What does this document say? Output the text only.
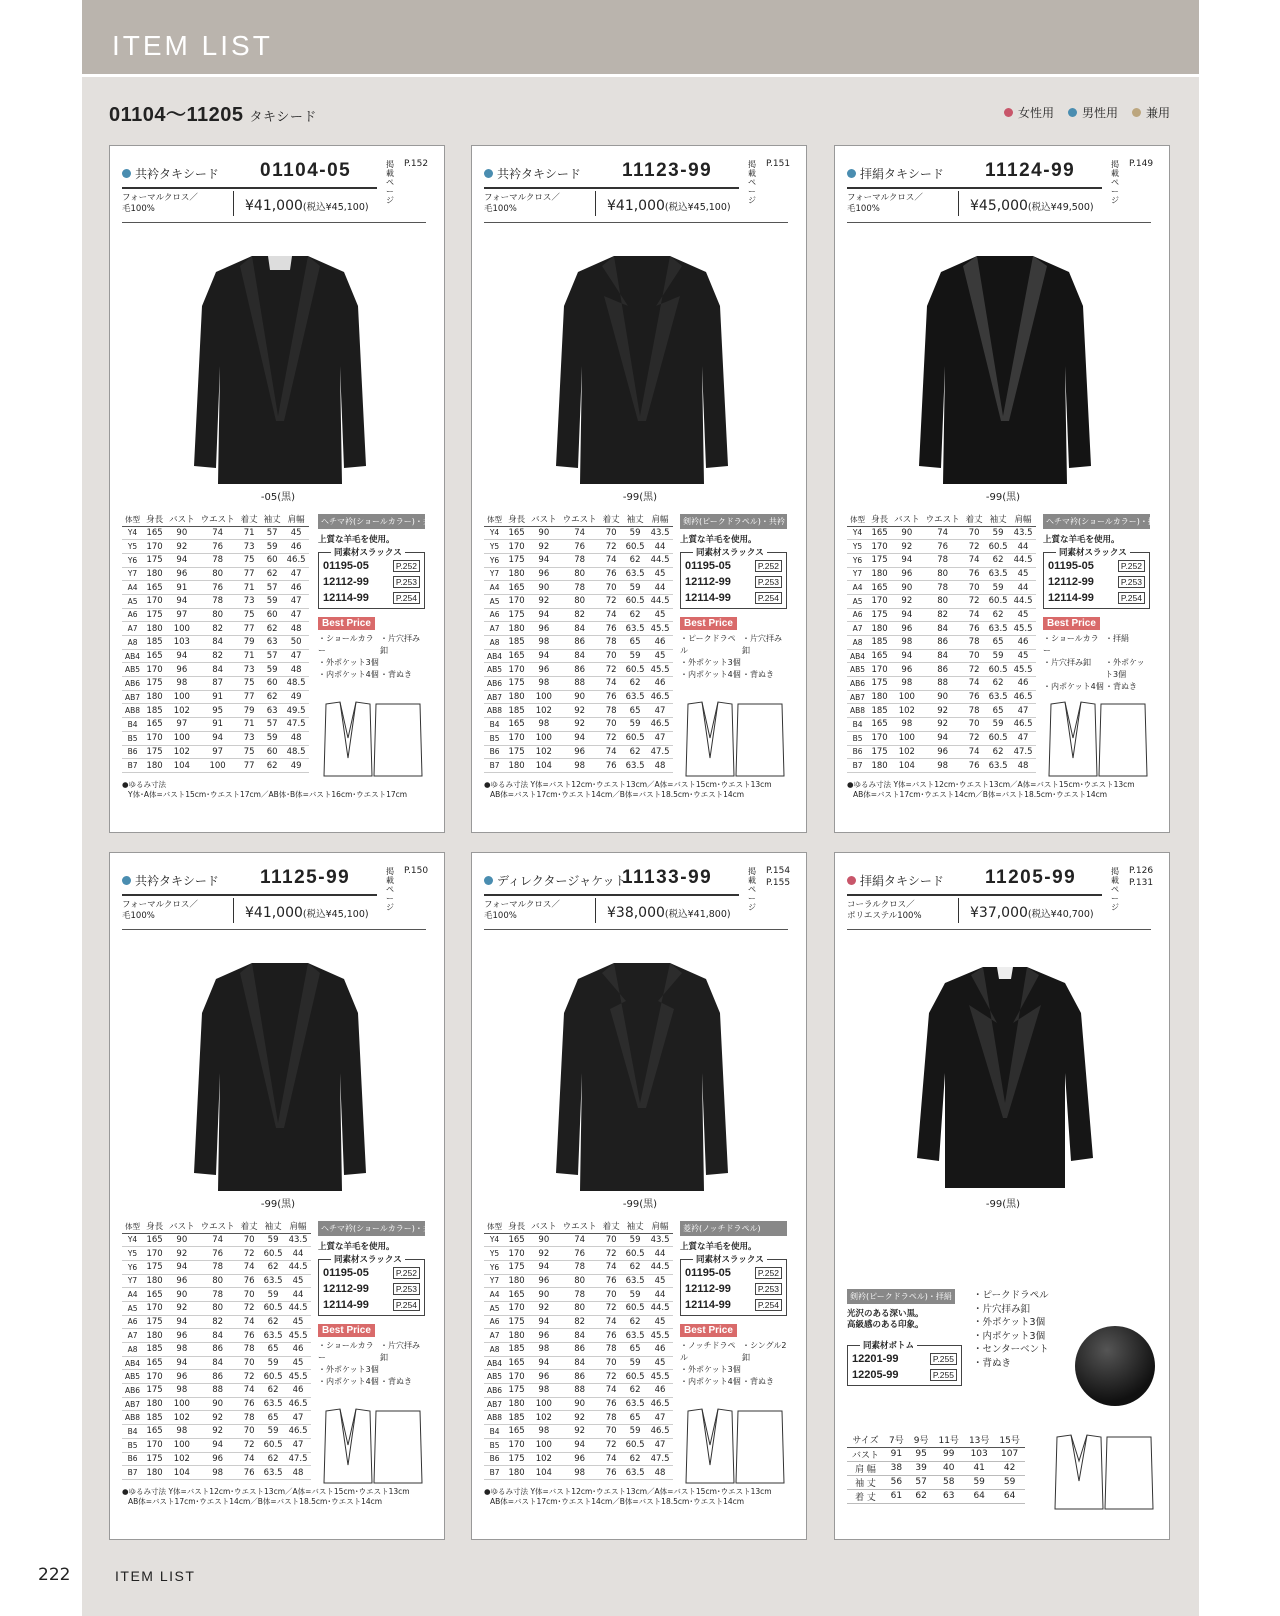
ITEM LIST
01104～11205 タキシード	女性用	男性用	兼用
共衿タキシード 01104-05
フォーマルクロス／
毛100%	¥41,000(税込¥45,100)
掲載ページ
P.152
-05(黒)
体型	身長	バスト	ウエスト	着丈	袖丈	肩幅
Y4	165	90	74	71	57	45
Y5	170	92	76	73	59	46
Y6	175	94	78	75	60	46.5
Y7	180	96	80	77	62	47
A4	165	91	76	71	57	46
A5	170	94	78	73	59	47
A6	175	97	80	75	60	47
A7	180	100	82	77	62	48
A8	185	103	84	79	63	50
AB4	165	94	82	71	57	47
AB5	170	96	84	73	59	48
AB6	175	98	87	75	60	48.5
AB7	180	100	91	77	62	49
AB8	185	102	95	79	63	49.5
B4	165	97	91	71	57	47.5
B5	170	100	94	73	59	48
B6	175	102	97	75	60	48.5
B7	180	104	100	77	62	49
ヘチマ衿(ショールカラー)・共衿
上質な羊毛を使用。
同素材スラックス
01195-05	P.252
12112-99	P.253
12114-99	P.254
Best Price
・ショールカラー
・片穴拝み釦
・外ポケット3個
・内ポケット4個 ・背ぬき
●ゆるみ寸法
Y体･A体=バスト15cm･ウエスト17cm／AB体･B体=バスト16cm･ウエスト17cm
共衿タキシード 11123-99
フォーマルクロス／
毛100%	¥41,000(税込¥45,100)
掲載ページ
P.151
-99(黒)
体型	身長	バスト	ウエスト	着丈	袖丈	肩幅
Y4	165	90	74	70	59	43.5
Y5	170	92	76	72	60.5	44
Y6	175	94	78	74	62	44.5
Y7	180	96	80	76	63.5	45
A4	165	90	78	70	59	44
A5	170	92	80	72	60.5	44.5
A6	175	94	82	74	62	45
A7	180	96	84	76	63.5	45.5
A8	185	98	86	78	65	46
AB4	165	94	84	70	59	45
AB5	170	96	86	72	60.5	45.5
AB6	175	98	88	74	62	46
AB7	180	100	90	76	63.5	46.5
AB8	185	102	92	78	65	47
B4	165	98	92	70	59	46.5
B5	170	100	94	72	60.5	47
B6	175	102	96	74	62	47.5
B7	180	104	98	76	63.5	48
剣衿(ピークドラペル)・共衿
上質な羊毛を使用。
同素材スラックス
01195-05	P.252
12112-99	P.253
12114-99	P.254
Best Price
・ピークドラペル
・片穴拝み釦
・外ポケット3個
・内ポケット4個 ・背ぬき
●ゆるみ寸法 Y体=バスト12cm･ウエスト13cm／A体=バスト15cm･ウエスト13cm
AB体=バスト17cm･ウエスト14cm／B体=バスト18.5cm･ウエスト14cm
拝絹タキシード 11124-99
フォーマルクロス／
毛100%	¥45,000(税込¥49,500)
掲載ページ
P.149
-99(黒)
体型	身長	バスト	ウエスト	着丈	袖丈	肩幅
Y4	165	90	74	70	59	43.5
Y5	170	92	76	72	60.5	44
Y6	175	94	78	74	62	44.5
Y7	180	96	80	76	63.5	45
A4	165	90	78	70	59	44
A5	170	92	80	72	60.5	44.5
A6	175	94	82	74	62	45
A7	180	96	84	76	63.5	45.5
A8	185	98	86	78	65	46
AB4	165	94	84	70	59	45
AB5	170	96	86	72	60.5	45.5
AB6	175	98	88	74	62	46
AB7	180	100	90	76	63.5	46.5
AB8	185	102	92	78	65	47
B4	165	98	92	70	59	46.5
B5	170	100	94	72	60.5	47
B6	175	102	96	74	62	47.5
B7	180	104	98	76	63.5	48
ヘチマ衿(ショールカラー)・拝絹
上質な羊毛を使用。
同素材スラックス
01195-05	P.252
12112-99	P.253
12114-99	P.254
Best Price
・ショールカラー
・拝絹
・片穴拝み釦	・外ポケット3個
・内ポケット4個 ・背ぬき
●ゆるみ寸法 Y体=バスト12cm･ウエスト13cm／A体=バスト15cm･ウエスト13cm
AB体=バスト17cm･ウエスト14cm／B体=バスト18.5cm･ウエスト14cm
共衿タキシード 11125-99
フォーマルクロス／
毛100%	¥41,000(税込¥45,100)
掲載ページ
P.150
-99(黒)
体型	身長	バスト	ウエスト	着丈	袖丈	肩幅
Y4	165	90	74	70	59	43.5
Y5	170	92	76	72	60.5	44
Y6	175	94	78	74	62	44.5
Y7	180	96	80	76	63.5	45
A4	165	90	78	70	59	44
A5	170	92	80	72	60.5	44.5
A6	175	94	82	74	62	45
A7	180	96	84	76	63.5	45.5
A8	185	98	86	78	65	46
AB4	165	94	84	70	59	45
AB5	170	96	86	72	60.5	45.5
AB6	175	98	88	74	62	46
AB7	180	100	90	76	63.5	46.5
AB8	185	102	92	78	65	47
B4	165	98	92	70	59	46.5
B5	170	100	94	72	60.5	47
B6	175	102	96	74	62	47.5
B7	180	104	98	76	63.5	48
ヘチマ衿(ショールカラー)・共衿
上質な羊毛を使用。
同素材スラックス
01195-05	P.252
12112-99	P.253
12114-99	P.254
Best Price
・ショールカラー
・片穴拝み釦
・外ポケット3個
・内ポケット4個 ・背ぬき
●ゆるみ寸法 Y体=バスト12cm･ウエスト13cm／A体=バスト15cm･ウエスト13cm
AB体=バスト17cm･ウエスト14cm／B体=バスト18.5cm･ウエスト14cm
ディレクタージャケット
11133-99
フォーマルクロス／
毛100%	¥38,000(税込¥41,800)
掲載ページ
P.154 P.155
-99(黒)
体型	身長	バスト	ウエスト	着丈	袖丈	肩幅
Y4	165	90	74	70	59	43.5
Y5	170	92	76	72	60.5	44
Y6	175	94	78	74	62	44.5
Y7	180	96	80	76	63.5	45
A4	165	90	78	70	59	44
A5	170	92	80	72	60.5	44.5
A6	175	94	82	74	62	45
A7	180	96	84	76	63.5	45.5
A8	185	98	86	78	65	46
AB4	165	94	84	70	59	45
AB5	170	96	86	72	60.5	45.5
AB6	175	98	88	74	62	46
AB7	180	100	90	76	63.5	46.5
AB8	185	102	92	78	65	47
B4	165	98	92	70	59	46.5
B5	170	100	94	72	60.5	47
B6	175	102	96	74	62	47.5
B7	180	104	98	76	63.5	48
菱衿(ノッチドラペル)
上質な羊毛を使用。
同素材スラックス
01195-05	P.252
12112-99	P.253
12114-99	P.254
Best Price
・ノッチドラペル
・シングル2釦
・外ポケット3個
・内ポケット4個 ・背ぬき
●ゆるみ寸法 Y体=バスト12cm･ウエスト13cm／A体=バスト15cm･ウエスト13cm
AB体=バスト17cm･ウエスト14cm／B体=バスト18.5cm･ウエスト14cm
拝絹タキシード 11205-99
コーラルクロス／
ポリエステル100%	¥37,000(税込¥40,700)
掲載ページ
P.126 P.131
-99(黒)
剣衿(ピークドラペル)・拝絹
光沢のある深い黒。
高級感のある印象。
同素材ボトム
12201-99	P.255
12205-99	P.255
・ピークドラペル
・片穴拝み釦
・外ポケット3個
・内ポケット3個
・センターベント
・背ぬき
サイズ	7号	9号	11号	13号	15号
バスト	91	95	99	103	107
肩 幅	38	39	40	41	42
袖 丈	56	57	58	59	59
着 丈	61	62	63	64	64
222	ITEM LIST
